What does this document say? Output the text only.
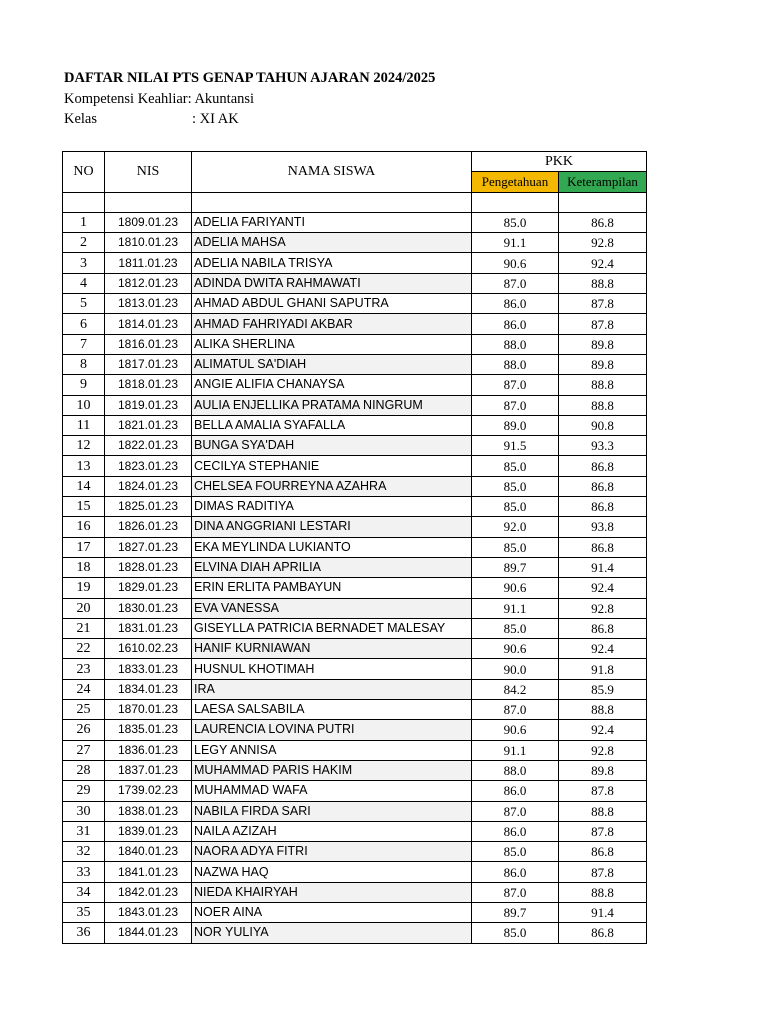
DAFTAR NILAI PTS GENAP TAHUN AJARAN 2024/2025
Kompetensi Keahliar: Akuntansi
Kelas	: XI AK
NO	NIS	NAMA SISWA	PKK	
			Pengetahuan	Keterampilan

1	1809.01.23	ADELIA FARIYANTI	85.0	86.8
2	1810.01.23	ADELIA MAHSA	91.1	92.8
3	1811.01.23	ADELIA NABILA TRISYA	90.6	92.4
4	1812.01.23	ADINDA DWITA RAHMAWATI	87.0	88.8
5	1813.01.23	AHMAD ABDUL GHANI SAPUTRA	86.0	87.8
6	1814.01.23	AHMAD FAHRIYADI AKBAR	86.0	87.8
7	1816.01.23	ALIKA SHERLINA	88.0	89.8
8	1817.01.23	ALIMATUL SA'DIAH	88.0	89.8
9	1818.01.23	ANGIE ALIFIA CHANAYSA	87.0	88.8
10	1819.01.23	AULIA ENJELLIKA PRATAMA NINGRUM	87.0	88.8
11	1821.01.23	BELLA AMALIA SYAFALLA	89.0	90.8
12	1822.01.23	BUNGA SYA'DAH	91.5	93.3
13	1823.01.23	CECILYA STEPHANIE	85.0	86.8
14	1824.01.23	CHELSEA FOURREYNA AZAHRA	85.0	86.8
15	1825.01.23	DIMAS RADITIYA	85.0	86.8
16	1826.01.23	DINA ANGGRIANI LESTARI	92.0	93.8
17	1827.01.23	EKA MEYLINDA LUKIANTO	85.0	86.8
18	1828.01.23	ELVINA DIAH APRILIA	89.7	91.4
19	1829.01.23	ERIN ERLITA PAMBAYUN	90.6	92.4
20	1830.01.23	EVA VANESSA	91.1	92.8
21	1831.01.23	GISEYLLA PATRICIA BERNADET MALESAY	85.0	86.8
22	1610.02.23	HANIF KURNIAWAN	90.6	92.4
23	1833.01.23	HUSNUL KHOTIMAH	90.0	91.8
24	1834.01.23	IRA	84.2	85.9
25	1870.01.23	LAESA SALSABILA	87.0	88.8
26	1835.01.23	LAURENCIA LOVINA PUTRI	90.6	92.4
27	1836.01.23	LEGY ANNISA	91.1	92.8
28	1837.01.23	MUHAMMAD PARIS HAKIM	88.0	89.8
29	1739.02.23	MUHAMMAD WAFA	86.0	87.8
30	1838.01.23	NABILA FIRDA SARI	87.0	88.8
31	1839.01.23	NAILA AZIZAH	86.0	87.8
32	1840.01.23	NAORA ADYA FITRI	85.0	86.8
33	1841.01.23	NAZWA HAQ	86.0	87.8
34	1842.01.23	NIEDA KHAIRYAH	87.0	88.8
35	1843.01.23	NOER AINA	89.7	91.4
36	1844.01.23	NOR YULIYA	85.0	86.8
